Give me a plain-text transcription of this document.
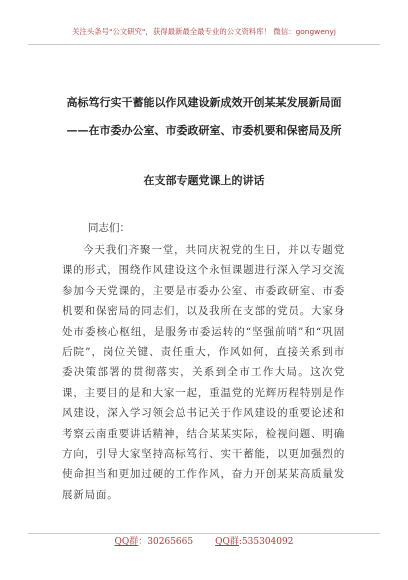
关注头条号"公文研究"，获得最新最全最专业的公文资料库！ 微信：gongwenyj
高标笃行实干蓄能以作风建设新成效开创某某发展新局面
——在市委办公室、市委政研室、市委机要和保密局及所
在支部专题党课上的讲话
同志们：

今天我们齐聚一堂，共同庆祝党的生日，并以专题党课的形式，围绕作风建设这个永恒课题进行深入学习交流参加今天党课的，主要是市委办公室、市委政研室、市委机要和保密局的同志们，以及我所在支部的党员。大家身处市委核心枢纽，是服务市委运转的“坚强前哨”和“巩固后院”，岗位关键、责任重大，作风如何，直接关系到市委决策部署的贯彻落实，关系到全市工作大局。这次党课，主要目的是和大家一起，重温党的光辉历程特别是作风建设，深入学习领会总书记关于作风建设的重要论述和考察云南重要讲话精神，结合某某实际，检视问题、明确方向，引导大家坚持高标笃行、实干蓄能，以更加强烈的使命担当和更加过硬的工作作风，奋力开创某某高质量发展新局面。

QQ群：30265665 QQ群:535304092
